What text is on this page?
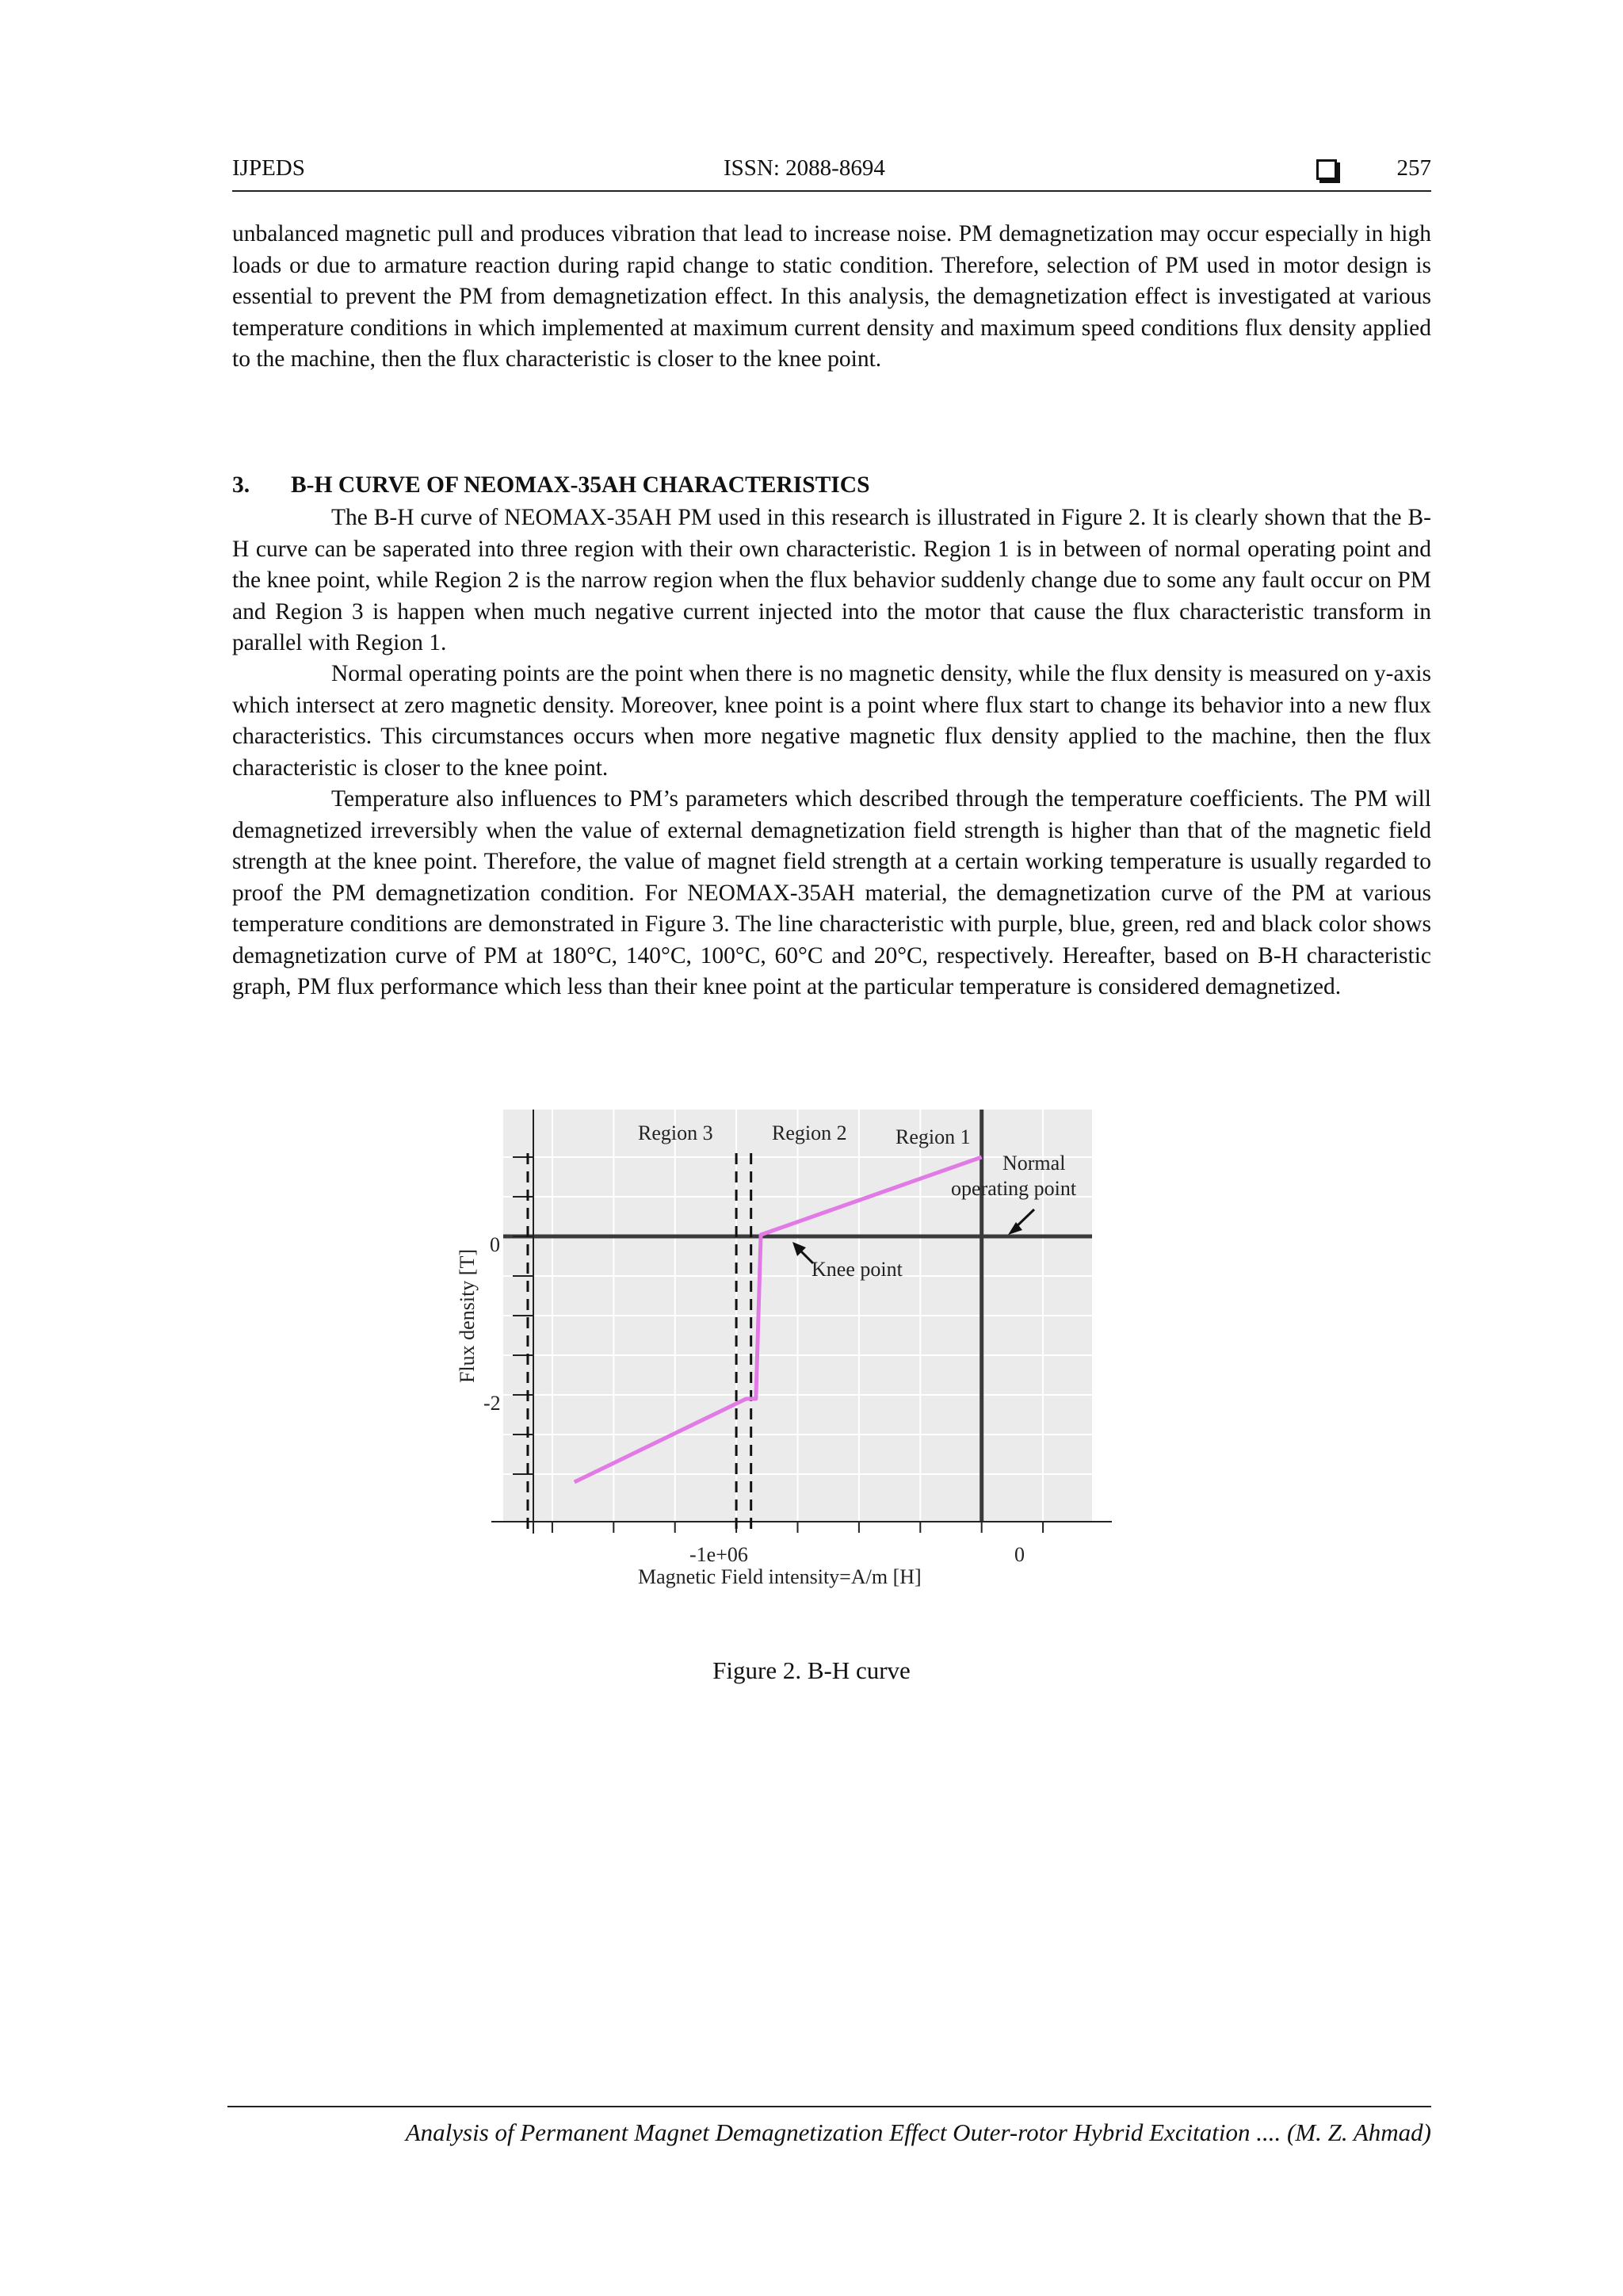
IJPEDS	ISSN: 2088-8694	257

unbalanced magnetic pull and produces vibration that lead to increase noise. PM demagnetization may occur especially in high loads or due to armature reaction during rapid change to static condition. Therefore, selection of PM used in motor design is essential to prevent the PM from demagnetization effect. In this analysis, the demagnetization effect is investigated at various temperature conditions in which implemented at maximum current density and maximum speed conditions flux density applied to the machine, then the flux characteristic is closer to the knee point.

3. B-H CURVE OF NEOMAX-35AH CHARACTERISTICS

The B-H curve of NEOMAX-35AH PM used in this research is illustrated in Figure 2. It is clearly shown that the B-H curve can be saperated into three region with their own characteristic. Region 1 is in between of normal operating point and the knee point, while Region 2 is the narrow region when the flux behavior suddenly change due to some any fault occur on PM and Region 3 is happen when much negative current injected into the motor that cause the flux characteristic transform in parallel with Region 1.

Normal operating points are the point when there is no magnetic density, while the flux density is measured on y-axis which intersect at zero magnetic density. Moreover, knee point is a point where flux start to change its behavior into a new flux characteristics. This circumstances occurs when more negative magnetic flux density applied to the machine, then the flux characteristic is closer to the knee point.

Temperature also influences to PM’s parameters which described through the temperature coefficients. The PM will demagnetized irreversibly when the value of external demagnetization field strength is higher than that of the magnetic field strength at the knee point. Therefore, the value of magnet field strength at a certain working temperature is usually regarded to proof the PM demagnetization condition. For NEOMAX-35AH material, the demagnetization curve of the PM at various temperature conditions are demonstrated in Figure 3. The line characteristic with purple, blue, green, red and black color shows demagnetization curve of PM at 180°C, 140°C, 100°C, 60°C and 20°C, respectively. Hereafter, based on B-H characteristic graph, PM flux performance which less than their knee point at the particular temperature is considered demagnetized.

Region 3	Region 2 Region 1
Normal
operating point
Knee point
0
-2
-1e+06	0
Magnetic Field intensity=A/m [H]
Flux density [T]
Figure 2. B-H curve
Analysis of Permanent Magnet Demagnetization Effect Outer-rotor Hybrid Excitation .... (M. Z. Ahmad)
